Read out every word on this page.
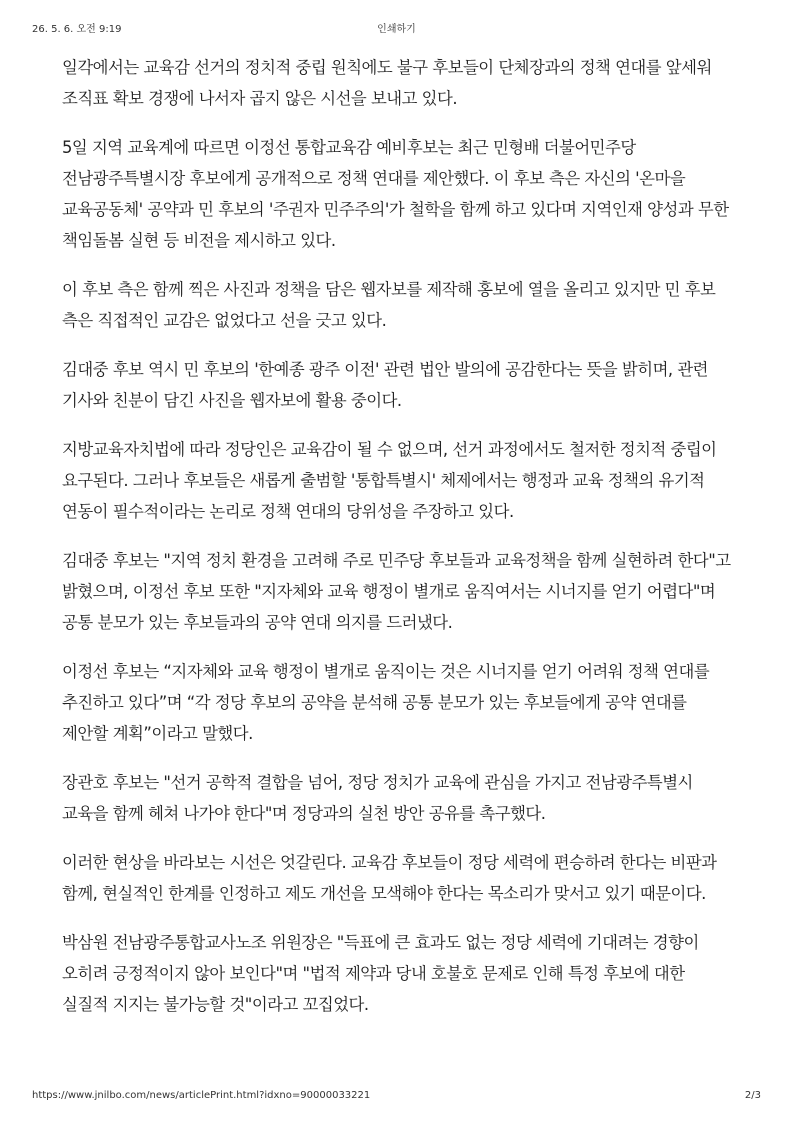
26. 5. 6. 오전 9:19	인쇄하기

일각에서는 교육감 선거의 정치적 중립 원칙에도 불구 후보들이 단체장과의 정책 연대를 앞세워 조직표 확보 경쟁에 나서자 곱지 않은 시선을 보내고 있다.

5일 지역 교육계에 따르면 이정선 통합교육감 예비후보는 최근 민형배 더불어민주당 전남광주특별시장 후보에게 공개적으로 정책 연대를 제안했다. 이 후보 측은 자신의 '온마을 교육공동체' 공약과 민 후보의 '주권자 민주주의'가 철학을 함께 하고 있다며 지역인재 양성과 무한 책임돌봄 실현 등 비전을 제시하고 있다.

이 후보 측은 함께 찍은 사진과 정책을 담은 웹자보를 제작해 홍보에 열을 올리고 있지만 민 후보 측은 직접적인 교감은 없었다고 선을 긋고 있다.

김대중 후보 역시 민 후보의 '한예종 광주 이전' 관련 법안 발의에 공감한다는 뜻을 밝히며, 관련 기사와 친분이 담긴 사진을 웹자보에 활용 중이다.

지방교육자치법에 따라 정당인은 교육감이 될 수 없으며, 선거 과정에서도 철저한 정치적 중립이 요구된다. 그러나 후보들은 새롭게 출범할 '통합특별시' 체제에서는 행정과 교육 정책의 유기적 연동이 필수적이라는 논리로 정책 연대의 당위성을 주장하고 있다.

김대중 후보는 "지역 정치 환경을 고려해 주로 민주당 후보들과 교육정책을 함께 실현하려 한다"고 밝혔으며, 이정선 후보 또한 "지자체와 교육 행정이 별개로 움직여서는 시너지를 얻기 어렵다"며 공통 분모가 있는 후보들과의 공약 연대 의지를 드러냈다.

이정선 후보는 “지자체와 교육 행정이 별개로 움직이는 것은 시너지를 얻기 어려워 정책 연대를 추진하고 있다”며 “각 정당 후보의 공약을 분석해 공통 분모가 있는 후보들에게 공약 연대를 제안할 계획”이라고 말했다.

장관호 후보는 "선거 공학적 결합을 넘어, 정당 정치가 교육에 관심을 가지고 전남광주특별시 교육을 함께 헤쳐 나가야 한다"며 정당과의 실천 방안 공유를 촉구했다.

이러한 현상을 바라보는 시선은 엇갈린다. 교육감 후보들이 정당 세력에 편승하려 한다는 비판과 함께, 현실적인 한계를 인정하고 제도 개선을 모색해야 한다는 목소리가 맞서고 있기 때문이다.

박삼원 전남광주통합교사노조 위원장은 "득표에 큰 효과도 없는 정당 세력에 기대려는 경향이 오히려 긍정적이지 않아 보인다"며 "법적 제약과 당내 호불호 문제로 인해 특정 후보에 대한 실질적 지지는 불가능할 것"이라고 꼬집었다.

https://www.jnilbo.com/news/articlePrint.html?idxno=90000033221	2/3
